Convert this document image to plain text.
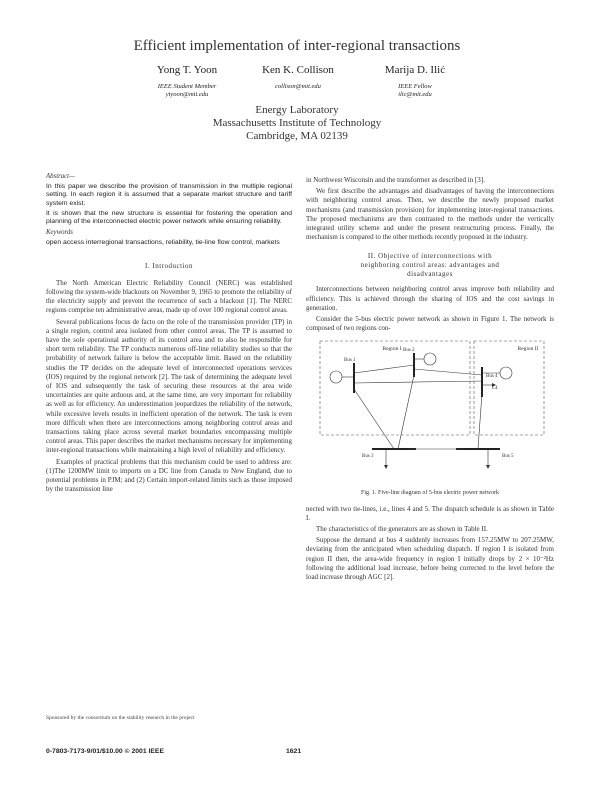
Efficient implementation of inter-regional transactions
Yong T. Yoon
IEEE Student Member
ytyoon@mit.edu
Ken K. Collison
collison@mit.edu
Marija D. Ilić
IEEE Fellow
ilic@mit.edu
Energy Laboratory
Massachusetts Institute of Technology
Cambridge, MA 02139
Abstract—
In this paper we describe the provision of transmission in the multiple regional setting. In each region it is assumed that a separate market structure and tariff system exist.
It is shown that the new structure is essential for fostering the operation and planning of the interconnected electric power network while ensuring reliability.
Keywords
open access interregional transactions, reliability, tie-line flow control, markets
I. Introduction

The North American Electric Reliability Council (NERC) was established following the system-wide blackouts on November 9, 1965 to promote the reliability of the electricity supply and prevent the recurrence of such a blackout [1]. The NERC regions comprise ten administrative areas, made up of over 100 regional control areas.

Several publications focus de facto on the role of the transmission provider (TP) in a single region, control area isolated from other control areas. The TP is assumed to have the sole operational authority of its control area and to also be responsible for short term reliability. The TP conducts numerous off-line reliability studies so that the probability of network failure is below the acceptable limit. Based on the reliability studies the TP decides on the adequate level of interconnected operations services (IOS) required by the regional network [2]. The task of determining the adequate level of IOS and subsequently the task of securing these resources at the area wide uncertainties are quite arduous and, at the same time, are very important for reliability as well as for efficiency. An underestimation jeopardizes the reliability of the network, while excessive levels results in inefficient operation of the network. The task is even more difficult when there are interconnections among neighboring control areas and transactions taking place across several market boundaries encompassing multiple control areas. This paper describes the market mechanisms necessary for implementing inter-regional transactions while maintaining a high level of reliability and efficiency.

Examples of practical problems that this mechanism could be used to address are: (1)The 1200MW limit to imports on a DC line from Canada to New England, due to potential problems in PJM; and (2) Certain import-related limits such as those imposed by the transmission line

Sponsored by the consortium on the stability research in the project

in Northwest Wisconsin and the transformer as described in [3].

We first describe the advantages and disadvantages of having the interconnections with neighboring control areas. Then, we describe the newly proposed market mechanisms (and transmission provision) for implementing inter-regional transactions. The proposed mechanisms are then contrasted to the methods under the vertically integrated utility scheme and under the present restructuring process. Finally, the mechanism is compared to the other methods recently proposed in the industry.

II. Objective of interconnections with
neighboring control areas: advantages and
disadvantages

Interconnections between neighboring control areas improve both reliability and efficiency. This is achieved through the sharing of IOS and the cost savings in generation.

Consider the 5-bus electric power network as shown in Figure 1. The network is composed of two regions con-

Region I	Region II
Bus 1
Bus 2
Bus 4
Bus 3	Bus 5
L4
Fig. 1. Five-line diagram of 5-bus electric power network

nected with two tie-lines, i.e., lines 4 and 5. The dispatch schedule is as shown in Table I.

The characteristics of the generators are as shown in Table II.

Suppose the demand at bus 4 suddenly increases from 157.25MW to 207.25MW, deviating from the anticipated when scheduling dispatch. If region I is isolated from region II then, the area-wide frequency in region I initially drops by 2 × 10⁻²Hz following the additional load increase, before being corrected to the level before the load increase through AGC [2].

0-7803-7173-9/01/$10.00 © 2001 IEEE	1621
